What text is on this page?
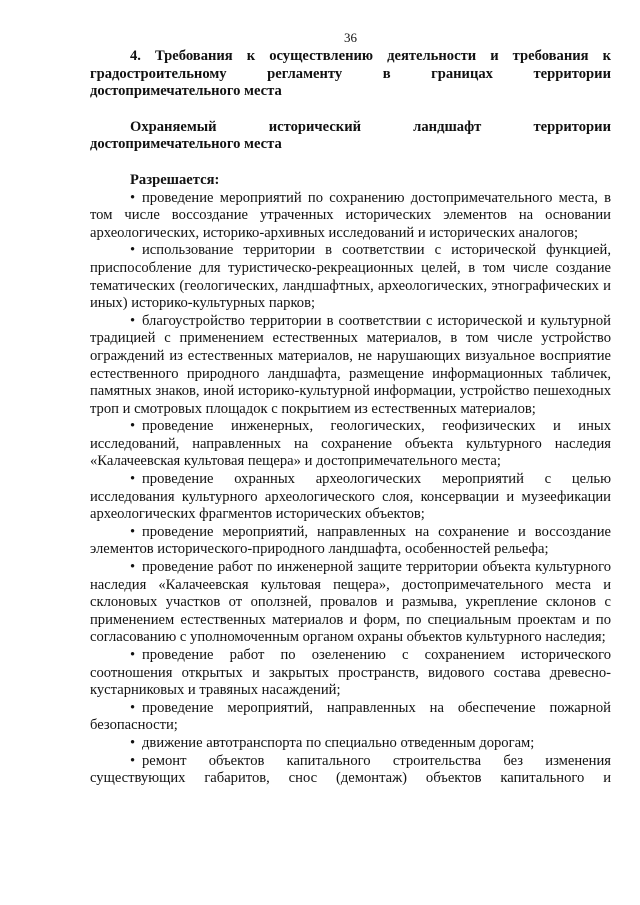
36

4. Требования к осуществлению деятельности и требования к градостроительному регламенту в границах территории достопримечательного места

Охраняемый исторический ландшафт территории достопримечательного места

Разрешается:

• проведение мероприятий по сохранению достопримечательного места, в том числе воссоздание утраченных исторических элементов на основании археологических, историко-архивных исследований и исторических аналогов;
• использование территории в соответствии с исторической функцией, приспособление для туристическо-рекреационных целей, в том числе создание тематических (геологических, ландшафтных, археологических, этнографических и иных) историко-культурных парков;
• благоустройство территории в соответствии с исторической и культурной традицией с применением естественных материалов, в том числе устройство ограждений из естественных материалов, не нарушающих визуальное восприятие естественного природного ландшафта, размещение информационных табличек, памятных знаков, иной историко-культурной информации, устройство пешеходных троп и смотровых площадок с покрытием из естественных материалов;
• проведение инженерных, геологических, геофизических и иных исследований, направленных на сохранение объекта культурного наследия «Калачеевская культовая пещера» и достопримечательного места;
• проведение охранных археологических мероприятий с целью исследования культурного археологического слоя, консервации и музеефикации археологических фрагментов исторических объектов;
• проведение мероприятий, направленных на сохранение и воссоздание элементов исторического-природного ландшафта, особенностей рельефа;
• проведение работ по инженерной защите территории объекта культурного наследия «Калачеевская культовая пещера», достопримечательного места и склоновых участков от оползней, провалов и размыва, укрепление склонов с применением естественных материалов и форм, по специальным проектам и по согласованию с уполномоченным органом охраны объектов культурного наследия;
• проведение работ по озеленению с сохранением исторического соотношения открытых и закрытых пространств, видового состава древесно-кустарниковых и травяных насаждений;
• проведение мероприятий, направленных на обеспечение пожарной безопасности;
• движение автотранспорта по специально отведенным дорогам;
• ремонт объектов капитального строительства без изменения существующих габаритов, снос (демонтаж) объектов капитального и
